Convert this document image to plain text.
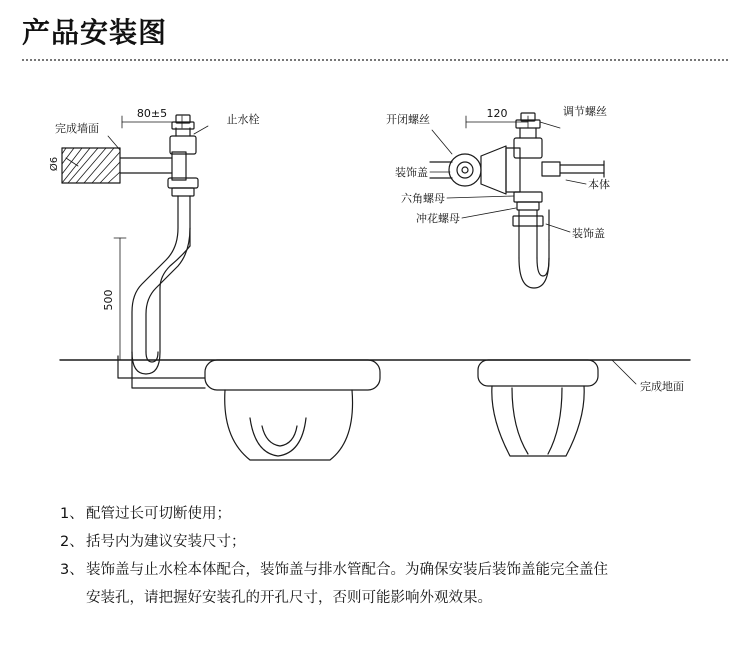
产品安装图
完成墙面
80±5	止水栓
Ø6
500
开闭螺丝	120	调节螺丝
装饰盖
六角螺母
冲花螺母
本体
装饰盖
完成地面
1、 配管过长可切断使用；
2、 括号内为建议安装尺寸；
3、 装饰盖与止水栓本体配合，装饰盖与排水管配合。为确保安装后装饰盖能完全盖住
安装孔，请把握好安装孔的开孔尺寸，否则可能影响外观效果。
